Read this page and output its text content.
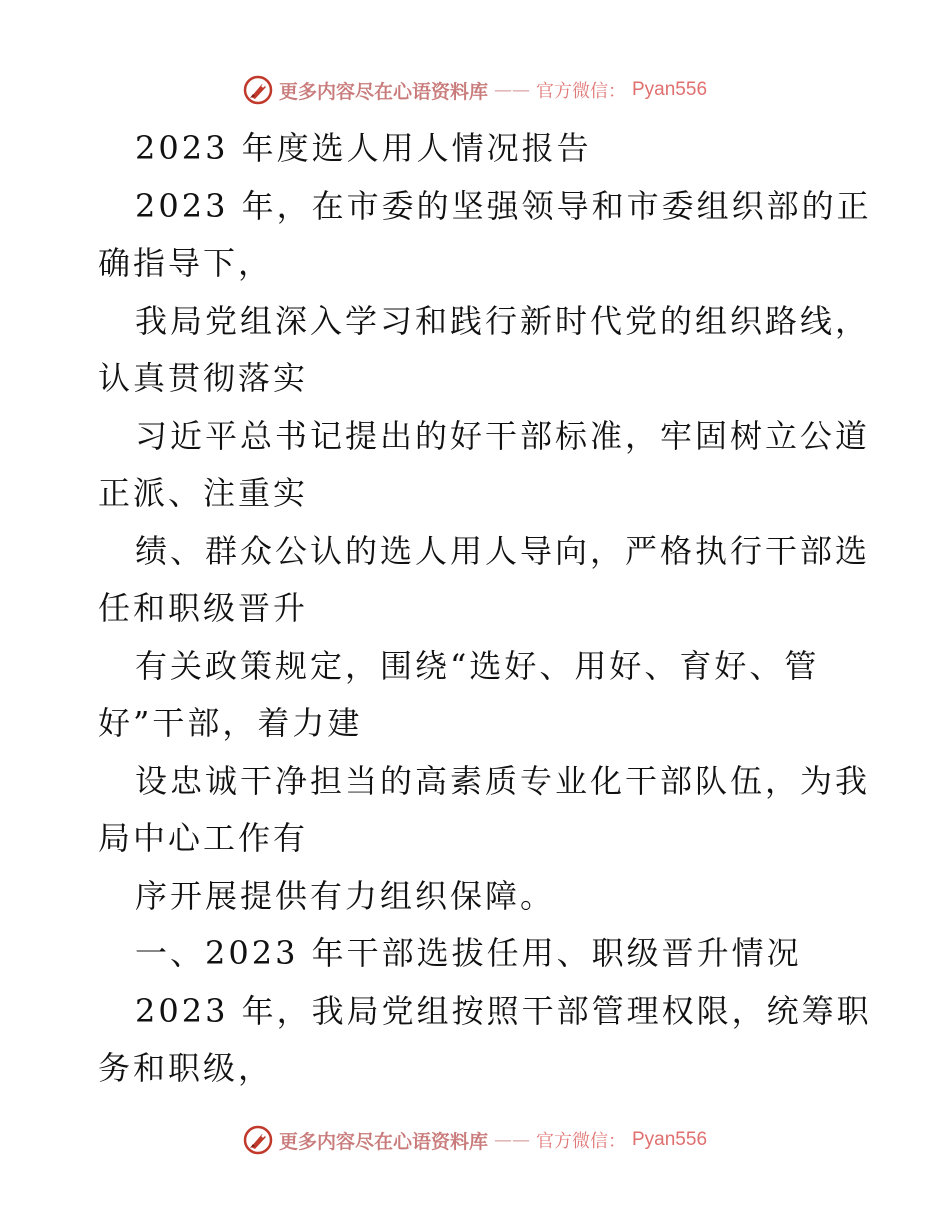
更多内容尽在心语资料库 —— 官方微信： Pyan556
2023 年度选人用人情况报告
2023 年，在市委的坚强领导和市委组织部的正
确指导下，
我局党组深入学习和践行新时代党的组织路线，
认真贯彻落实
习近平总书记提出的好干部标准，牢固树立公道
正派、注重实
绩、群众公认的选人用人导向，严格执行干部选
任和职级晋升
有关政策规定，围绕“选好、用好、育好、管
好”干部，着力建
设忠诚干净担当的高素质专业化干部队伍，为我
局中心工作有
序开展提供有力组织保障。
一、2023 年干部选拔任用、职级晋升情况
2023 年，我局党组按照干部管理权限，统筹职
务和职级，
更多内容尽在心语资料库 —— 官方微信： Pyan556
